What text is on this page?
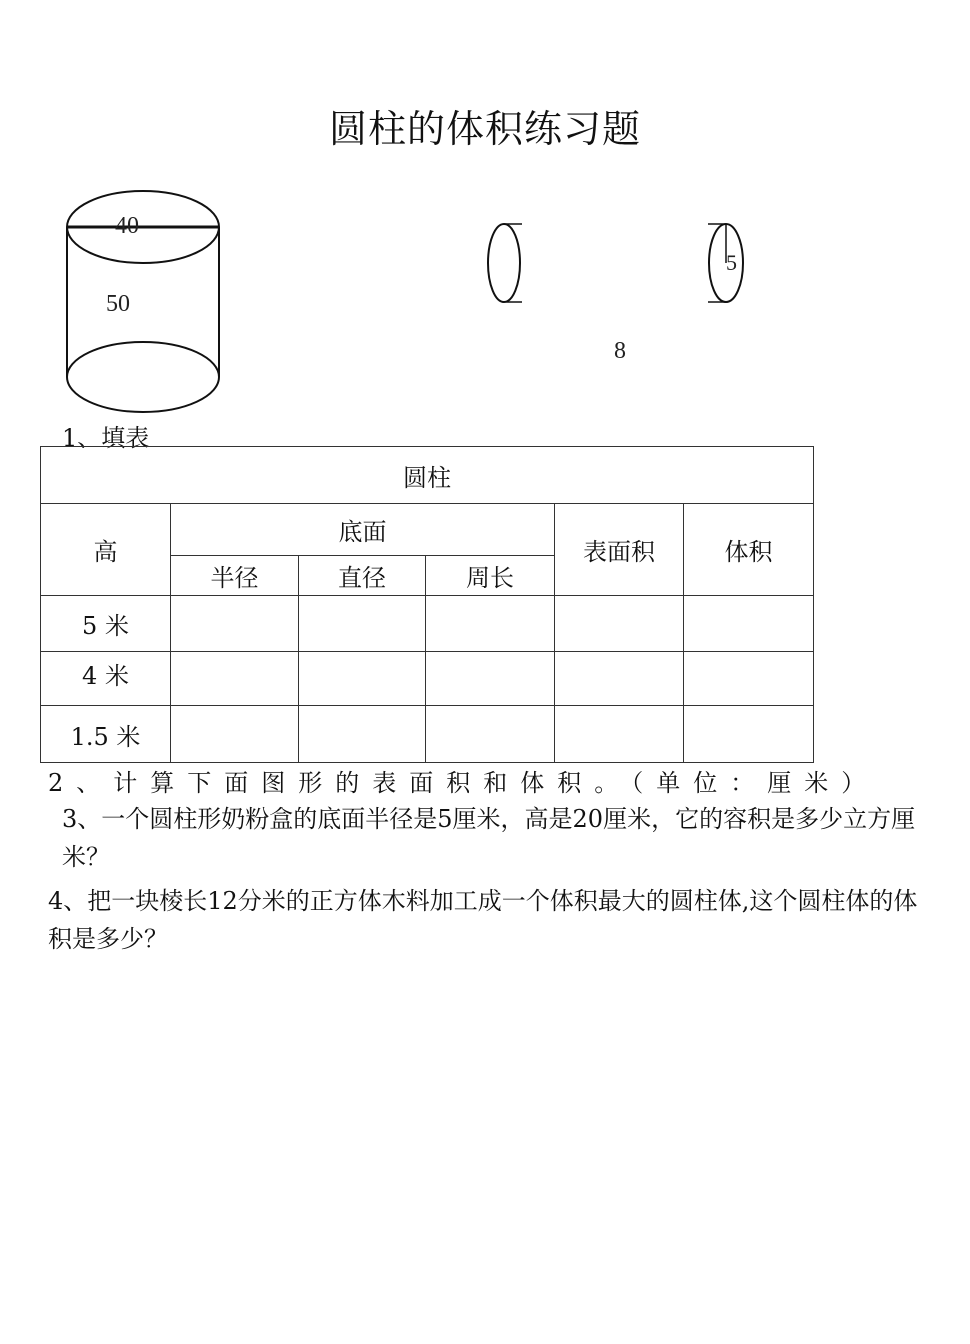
圆柱的体积练习题
40
50
5
8
1、填表
圆柱					
高	底面			表面积	体积
	半径	直径	周长		
5 米					
4 米					
1.5 米					
2、计算下面图形的表面积和体积。（单位：厘米）
3、一个圆柱形奶粉盒的底面半径是5厘米，高是20厘米，它的容积是多少立方厘米？
4、把一块棱长12分米的正方体木料加工成一个体积最大的圆柱体,这个圆柱体的体积是多少？
